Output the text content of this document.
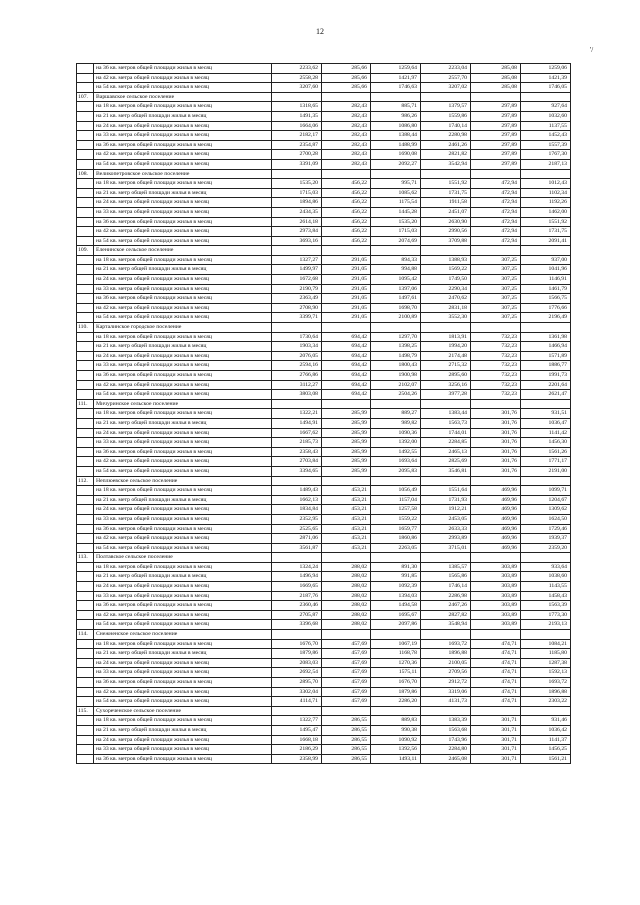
12
'/
	на 36 кв. метров общей площади жилья в месяц	2233,62	285,66	1259,64	2233,04	285,08	1259,06
	на 42 кв. метра общей площади жилья в месяц	2558,28	285,66	1421,97	2557,70	285,08	1421,39
	на 54 кв. метра общей площади жилья в месяц	3207,60	285,66	1746,63	3207,02	285,08	1746,05
107.	Варшавское сельское поселение						
	на 18 кв. метров общей площади жилья в месяц	1318,65	282,43	885,71	1379,57	297,89	927,64
	на 21 кв. метр общей площади жилья в месяц	1491,35	282,43	986,26	1559,86	297,89	1032,60
	на 24 кв. метра общей площади жилья в месяц	1664,06	282,43	1086,80	1740,14	297,89	1137,55
	на 33 кв. метра общей площади жилья в месяц	2182,17	282,43	1388,44	2280,98	297,89	1452,43
	на 36 кв. метров общей площади жилья в месяц	2354,87	282,43	1488,99	2461,26	297,89	1557,39
	на 42 кв. метра общей площади жилья в месяц	2700,28	282,43	1690,08	2821,82	297,89	1767,30
	на 54 кв. метра общей площади жилья в месяц	3391,09	282,43	2092,27	3542,94	297,89	2187,13
108.	Великопетровское сельское поселение						
	на 18 кв. метров общей площади жилья в месяц	1535,20	456,22	995,71	1551,92	472,94	1012,43
	на 21 кв. метр общей площади жилья в месяц	1715,03	456,22	1085,62	1731,75	472,94	1102,34
	на 24 кв. метра общей площади жилья в месяц	1894,86	456,22	1175,54	1911,58	472,94	1192,26
	на 33 кв. метра общей площади жилья в месяц	2434,35	456,22	1445,28	2451,07	472,94	1462,00
	на 36 кв. метров общей площади жилья в месяц	2614,18	456,22	1535,20	2630,90	472,94	1551,92
	на 42 кв. метра общей площади жилья в месяц	2973,84	456,22	1715,03	2990,56	472,94	1731,75
	на 54 кв. метра общей площади жилья в месяц	3693,16	456,22	2074,69	3709,88	472,94	2091,41
109.	Еленинское сельское поселение						
	на 18 кв. метров общей площади жилья в месяц	1327,27	291,05	894,33	1388,93	307,25	937,00
	на 21 кв. метр общей площади жилья в месяц	1499,97	291,05	994,88	1569,22	307,25	1041,96
	на 24 кв. метра общей площади жилья в месяц	1672,68	291,05	1095,42	1749,50	307,25	1146,91
	на 33 кв. метра общей площади жилья в месяц	2190,79	291,05	1397,06	2290,34	307,25	1461,79
	на 36 кв. метров общей площади жилья в месяц	2363,49	291,05	1497,61	2470,62	307,25	1566,75
	на 42 кв. метра общей площади жилья в месяц	2708,90	291,05	1698,70	2831,18	307,25	1776,66
	на 54 кв. метра общей площади жилья в месяц	3399,71	291,05	2100,89	3552,30	307,25	2196,49
110.	Карталинское городское поселение						
	на 18 кв. метров общей площади жилья в месяц	1730,64	694,42	1297,70	1813,91	732,23	1361,98
	на 21 кв. метр общей площади жилья в месяц	1903,34	694,42	1398,25	1994,20	732,23	1466,94
	на 24 кв. метра общей площади жилья в месяц	2076,05	694,42	1498,79	2174,48	732,23	1571,89
	на 33 кв. метра общей площади жилья в месяц	2594,16	694,42	1800,43	2715,32	732,23	1886,77
	на 36 кв. метров общей площади жилья в месяц	2766,86	694,42	1900,98	2895,60	732,23	1991,73
	на 42 кв. метра общей площади жилья в месяц	3112,27	694,42	2102,07	3256,16	732,23	2201,64
	на 54 кв. метра общей площади жилья в месяц	3803,08	694,42	2504,26	3977,28	732,23	2621,47
111.	Мичуринское сельское поселение						
	на 18 кв. метров общей площади жилья в месяц	1322,21	285,99	889,27	1383,44	301,76	931,51
	на 21 кв. метр общей площади жилья в месяц	1494,91	285,99	989,82	1563,73	301,76	1036,47
	на 24 кв. метра общей площади жилья в месяц	1667,62	285,99	1090,36	1744,01	301,76	1141,42
	на 33 кв. метра общей площади жилья в месяц	2185,73	285,99	1392,00	2284,85	301,76	1456,30
	на 36 кв. метров общей площади жилья в месяц	2358,43	285,99	1492,55	2465,13	301,76	1561,26
	на 42 кв. метра общей площади жилья в месяц	2703,84	285,99	1693,64	2825,69	301,76	1771,17
	на 54 кв. метра общей площади жилья в месяц	3394,65	285,99	2095,83	3546,81	301,76	2191,00
112.	Неплюевское сельское поселение						
	на 18 кв. метров общей площади жилья в месяц	1489,43	453,21	1056,49	1551,64	469,96	1099,71
	на 21 кв. метр общей площади жилья в месяц	1662,13	453,21	1157,04	1731,93	469,96	1204,67
	на 24 кв. метра общей площади жилья в месяц	1834,84	453,21	1257,58	1912,21	469,96	1309,62
	на 33 кв. метра общей площади жилья в месяц	2352,95	453,21	1559,22	2453,05	469,96	1624,50
	на 36 кв. метров общей площади жилья в месяц	2525,65	453,21	1659,77	2633,33	469,96	1729,46
	на 42 кв. метра общей площади жилья в месяц	2871,06	453,21	1860,86	2993,89	469,96	1939,37
	на 54 кв. метра общей площади жилья в месяц	3561,87	453,21	2263,05	3715,01	469,96	2359,20
113.	Полтавское сельское поселение						
	на 18 кв. метров общей площади жилья в месяц	1324,24	288,02	891,30	1385,57	303,89	933,64
	на 21 кв. метр общей площади жилья в месяц	1496,94	288,02	991,85	1565,86	303,89	1038,60
	на 24 кв. метра общей площади жилья в месяц	1669,65	288,02	1092,39	1746,14	303,89	1143,55
	на 33 кв. метра общей площади жилья в месяц	2187,76	288,02	1394,03	2286,98	303,89	1458,43
	на 36 кв. метров общей площади жилья в месяц	2360,46	288,02	1494,58	2467,26	303,89	1563,39
	на 42 кв. метра общей площади жилья в месяц	2705,87	288,02	1695,67	2827,82	303,89	1773,30
	на 54 кв. метра общей площади жилья в месяц	3396,68	288,02	2097,86	3548,94	303,89	2193,13
114.	Снежненское сельское поселение						
	на 18 кв. метров общей площади жилья в месяц	1676,70	457,69	1067,19	1693,72	474,71	1084,21
	на 21 кв. метр общей площади жилья в месяц	1879,86	457,69	1168,78	1896,88	474,71	1185,80
	на 24 кв. метра общей площади жилья в месяц	2083,03	457,69	1270,36	2100,05	474,71	1287,38
	на 33 кв. метра общей площади жилья в месяц	2692,54	457,69	1575,11	2709,56	474,71	1592,13
	на 36 кв. метров общей площади жилья в месяц	2895,70	457,69	1676,70	2912,72	474,71	1693,72
	на 42 кв. метра общей площади жилья в месяц	3302,04	457,69	1879,86	3319,06	474,71	1896,88
	на 54 кв. метра общей площади жилья в месяц	4114,71	457,69	2286,20	4131,73	474,71	2303,22
115.	Сухореченское сельское поселение						
	на 18 кв. метров общей площади жилья в месяц	1322,77	286,55	889,83	1383,39	301,71	931,46
	на 21 кв. метр общей площади жилья в месяц	1495,47	286,55	990,38	1563,68	301,71	1036,42
	на 24 кв. метра общей площади жилья в месяц	1668,18	286,55	1090,92	1743,96	301,71	1141,37
	на 33 кв. метра общей площади жилья в месяц	2186,29	286,55	1392,56	2284,80	301,71	1456,25
	на 36 кв. метров общей площади жилья в месяц	2358,99	286,55	1493,11	2465,08	301,71	1561,21
